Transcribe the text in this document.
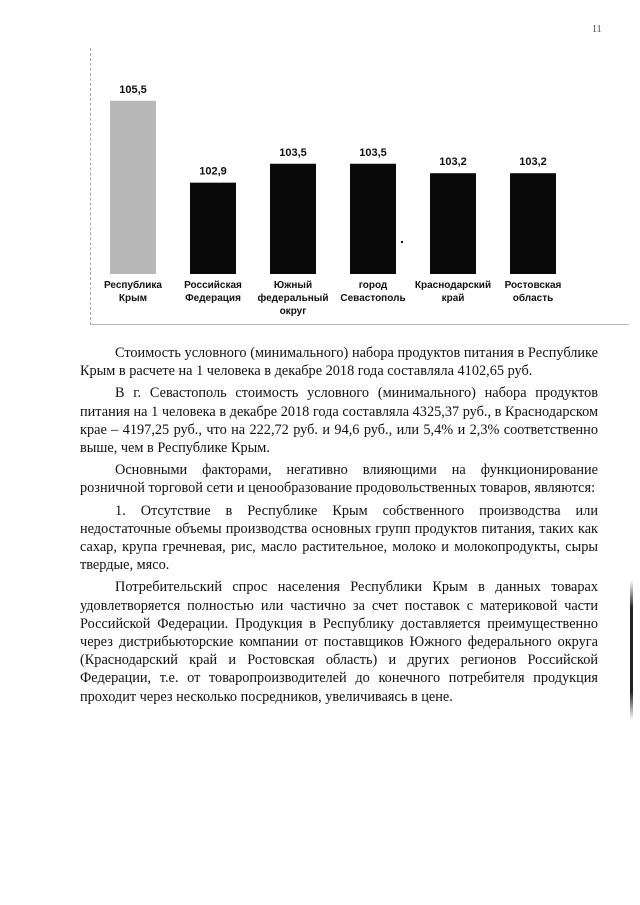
11
105,5
Республика
Крым
102,9
Российская
Федерация
103,5
Южный
федеральный
округ
103,5
город
Севастополь
103,2
Краснодарский
край
103,2
Ростовская
область

Стоимость условного (минимального) набора продуктов питания в Республике Крым в расчете на 1 человека в декабре 2018 года составляла 4102,65 руб.

В г. Севастополь стоимость условного (минимального) набора продуктов питания на 1 человека в декабре 2018 года составляла 4325,37 руб., в Краснодарском крае – 4197,25 руб., что на 222,72 руб. и 94,6 руб., или 5,4% и 2,3% соответственно выше, чем в Республике Крым.

Основными факторами, негативно влияющими на функционирование розничной торговой сети и ценообразование продовольственных товаров, являются:

1. Отсутствие в Республике Крым собственного производства или недостаточные объемы производства основных групп продуктов питания, таких как сахар, крупа гречневая, рис, масло растительное, молоко и молокопродукты, сыры твердые, мясо.

Потребительский спрос населения Республики Крым в данных товарах удовлетворяется полностью или частично за счет поставок с материковой части Российской Федерации. Продукция в Республику доставляется преимущественно через дистрибьюторские компании от поставщиков Южного федерального округа (Краснодарский край и Ростовская область) и других регионов Российской Федерации, т.е. от товаропроизводителей до конечного потребителя продукция проходит через несколько посредников, увеличиваясь в цене.
